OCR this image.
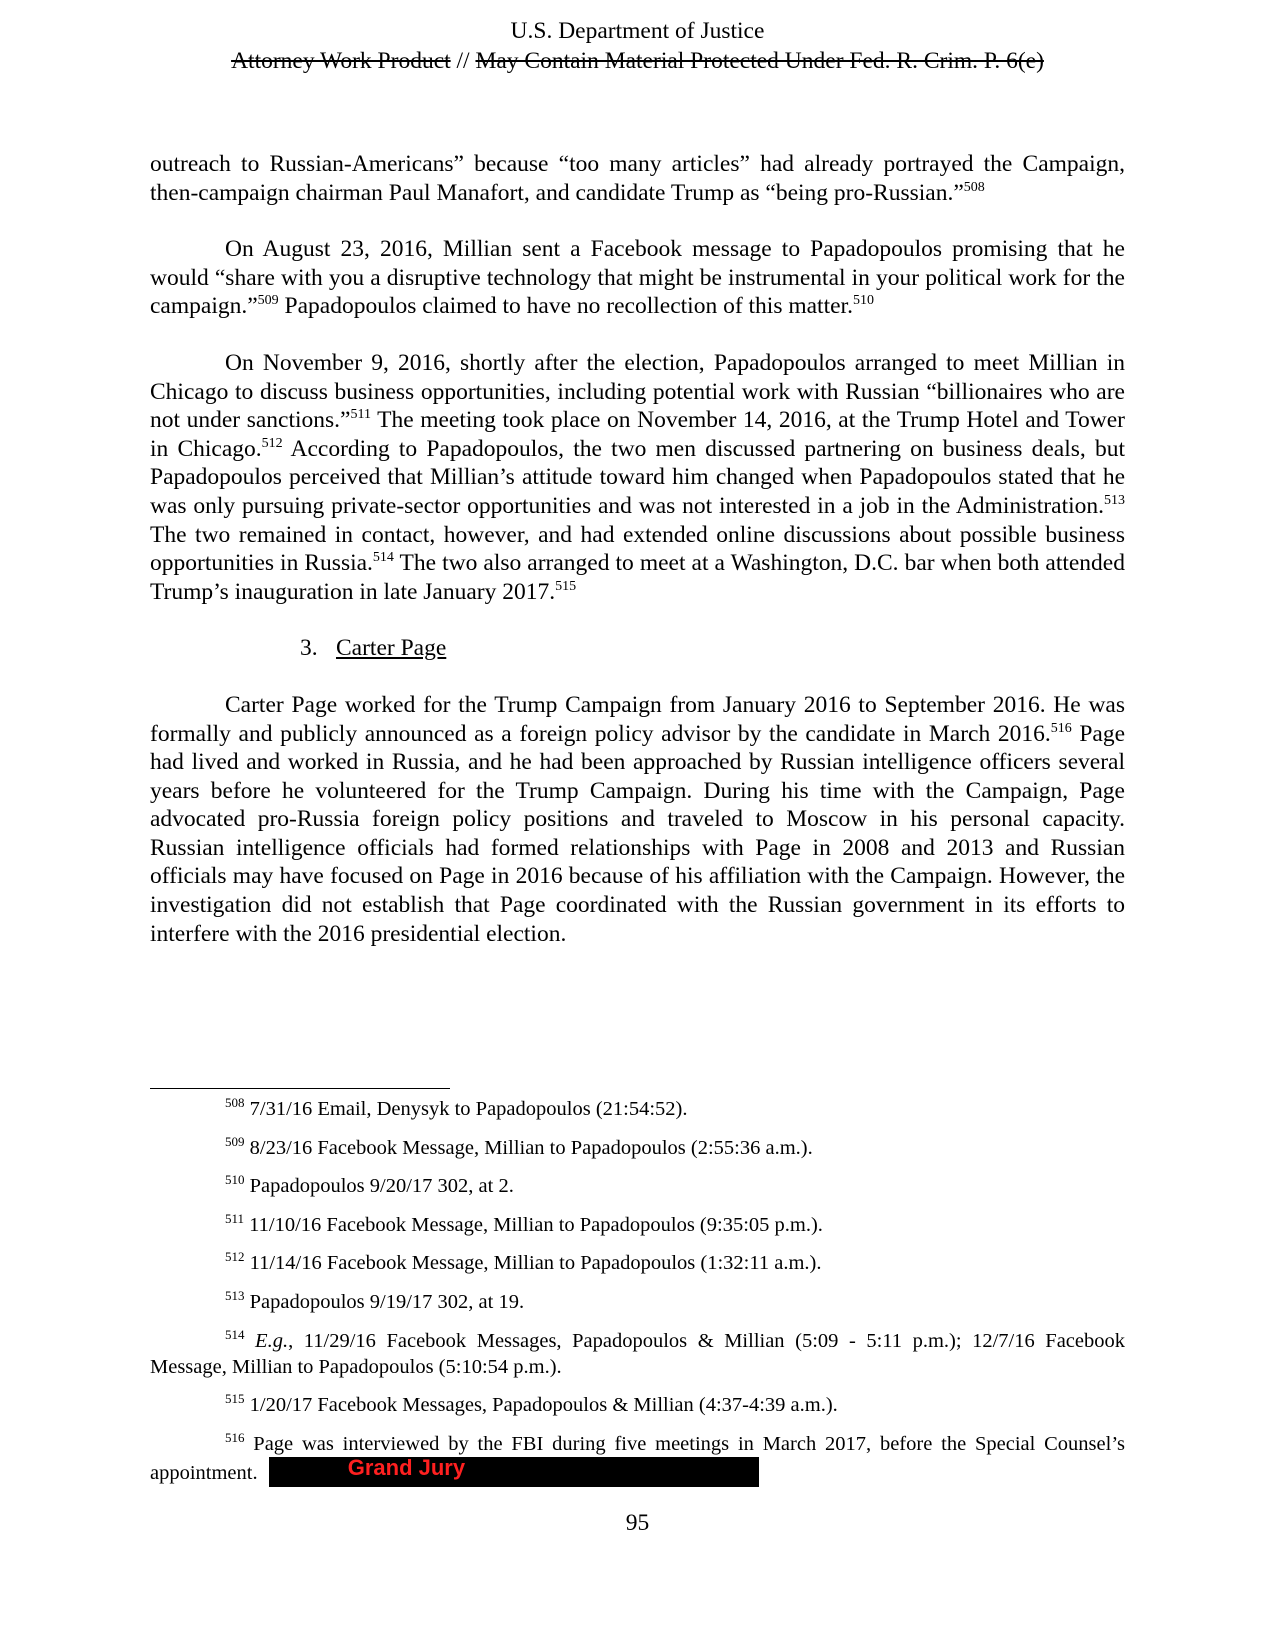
U.S. Department of Justice
Attorney Work Product // May Contain Material Protected Under Fed. R. Crim. P. 6(e)

outreach to Russian-Americans” because “too many articles” had already portrayed the Campaign, then-campaign chairman Paul Manafort, and candidate Trump as “being pro-Russian.”$^{508}$

On August 23, 2016, Millian sent a Facebook message to Papadopoulos promising that he would “share with you a disruptive technology that might be instrumental in your political work for the campaign.”$^{509}$ Papadopoulos claimed to have no recollection of this matter.$^{510}$

On November 9, 2016, shortly after the election, Papadopoulos arranged to meet Millian in Chicago to discuss business opportunities, including potential work with Russian “billionaires who are not under sanctions.”$^{511}$ The meeting took place on November 14, 2016, at the Trump Hotel and Tower in Chicago.$^{512}$ According to Papadopoulos, the two men discussed partnering on business deals, but Papadopoulos perceived that Millian’s attitude toward him changed when Papadopoulos stated that he was only pursuing private-sector opportunities and was not interested in a job in the Administration.$^{513}$ The two remained in contact, however, and had extended online discussions about possible business opportunities in Russia.$^{514}$ The two also arranged to meet at a Washington, D.C. bar when both attended Trump’s inauguration in late January 2017.$^{515}$

3. Carter Page

Carter Page worked for the Trump Campaign from January 2016 to September 2016. He was formally and publicly announced as a foreign policy advisor by the candidate in March 2016.$^{516}$ Page had lived and worked in Russia, and he had been approached by Russian intelligence officers several years before he volunteered for the Trump Campaign. During his time with the Campaign, Page advocated pro-Russia foreign policy positions and traveled to Moscow in his personal capacity. Russian intelligence officials had formed relationships with Page in 2008 and 2013 and Russian officials may have focused on Page in 2016 because of his affiliation with the Campaign. However, the investigation did not establish that Page coordinated with the Russian government in its efforts to interfere with the 2016 presidential election.

$^{508}$ 7/31/16 Email, Denysyk to Papadopoulos (21:54:52).
$^{509}$ 8/23/16 Facebook Message, Millian to Papadopoulos (2:55:36 a.m.).
$^{510}$ Papadopoulos 9/20/17 302, at 2.
$^{511}$ 11/10/16 Facebook Message, Millian to Papadopoulos (9:35:05 p.m.).
$^{512}$ 11/14/16 Facebook Message, Millian to Papadopoulos (1:32:11 a.m.).
$^{513}$ Papadopoulos 9/19/17 302, at 19.
$^{514}$ E.g., 11/29/16 Facebook Messages, Papadopoulos & Millian (5:09 - 5:11 p.m.); 12/7/16 Facebook Message, Millian to Papadopoulos (5:10:54 p.m.).
$^{515}$ 1/20/17 Facebook Messages, Papadopoulos & Millian (4:37-4:39 a.m.).
$^{516}$ Page was interviewed by the FBI during five meetings in March 2017, before the Special Counsel’s appointment.	Grand Jury
95
